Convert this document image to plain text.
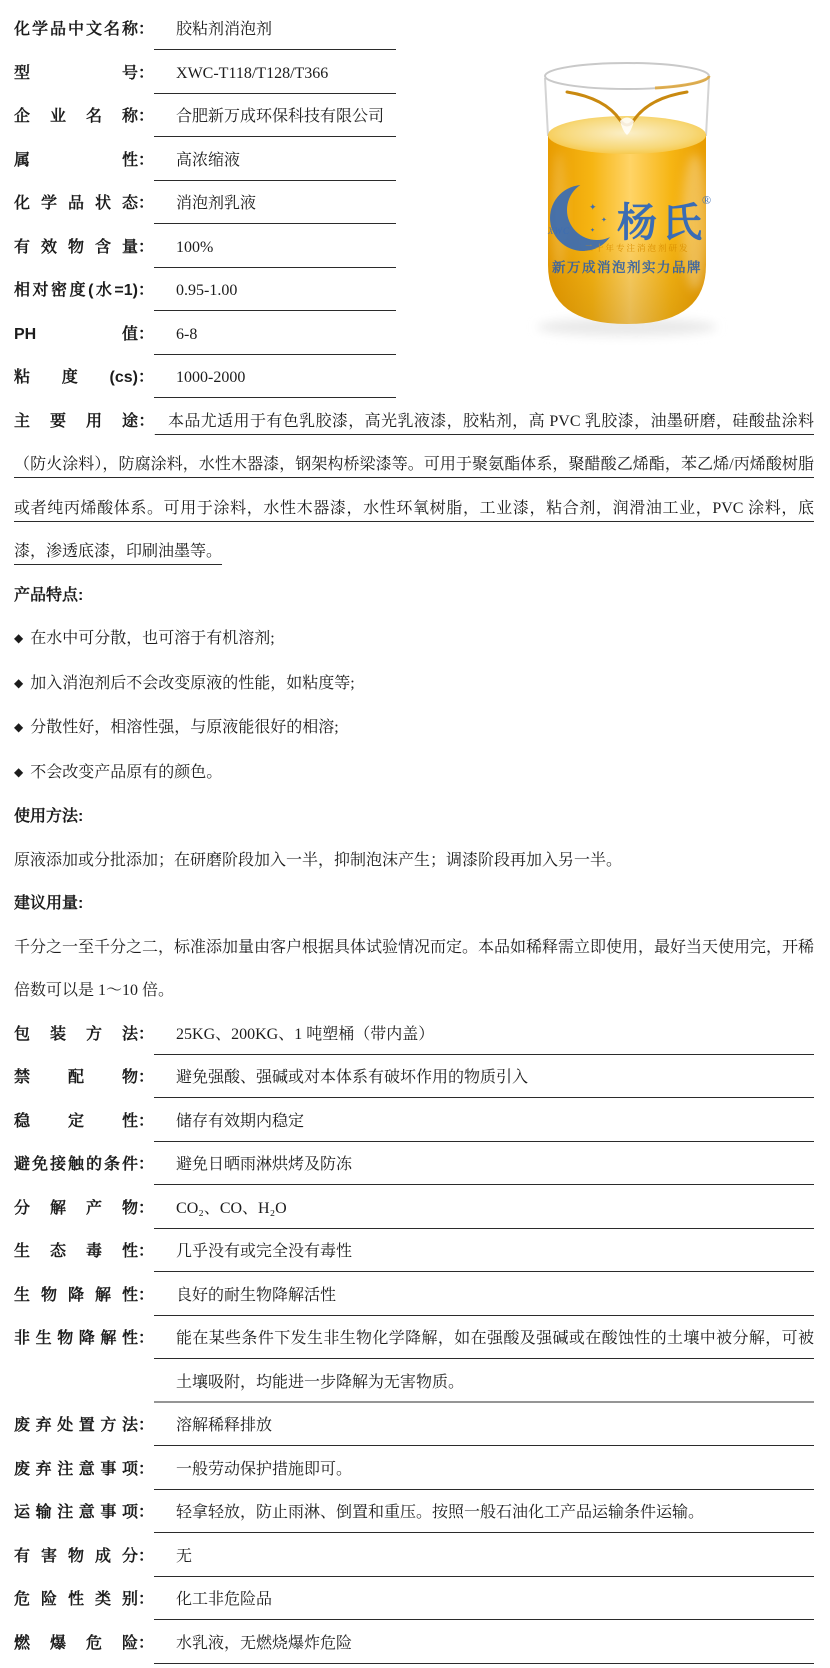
化学品中文名称 ：	胶粘剂消泡剂
型号 ：	XWC-T118/T128/T366
企业名称 ：	合肥新万成环保科技有限公司
属性 ：	高浓缩液
化学品状态 ：	消泡剂乳液
有效物含量 ：	100%
相对密度(水=1) ：	0.95-1.00
PH值 ：	6-8
粘度(cs) ：	1000-2000
主要用途： 本品尤适用于有色乳胶漆，高光乳液漆，胶粘剂，高 PVC 乳胶漆，油墨研磨，硅酸盐涂料（防火涂料），防腐涂料，水性木器漆，钢架构桥梁漆等。可用于聚氨酯体系，聚醋酸乙烯酯，苯乙烯/丙烯酸树脂或者纯丙烯酸体系。可用于涂料，水性木器漆，水性环氧树脂，工业漆，粘合剂，润滑油工业，PVC 涂料，底漆，渗透底漆，印刷油墨等。
产品特点:
◆ 在水中可分散，也可溶于有机溶剂;
◆ 加入消泡剂后不会改变原液的性能，如粘度等;
◆ 分散性好，相溶性强，与原液能很好的相溶;
◆ 不会改变产品原有的颜色。
使用方法:
原液添加或分批添加；在研磨阶段加入一半，抑制泡沫产生；调漆阶段再加入另一半。
建议用量:
千分之一至千分之二，标准添加量由客户根据具体试验情况而定。本品如稀释需立即使用，最好当天使用完，开稀倍数可以是 1～10 倍。
包装方法 ：	25KG、200KG、1 吨塑桶（带内盖）
禁配物 ：	避免强酸、强碱或对本体系有破坏作用的物质引入
稳定性 ：	储存有效期内稳定
避免接触的条件 ：	避免日晒雨淋烘烤及防冻
分解产物 ：	CO₂、CO、H₂O
生态毒性 ：	几乎没有或完全没有毒性
生物降解性 ：	良好的耐生物降解活性
非生物降解性 ：	能在某些条件下发生非生物化学降解，如在强酸及强碱或在酸蚀性的土壤中被分解，可被土壤吸附，均能进一步降解为无害物质。
废弃处置方法 ：	溶解稀释排放
废弃注意事项 ：	一般劳动保护措施即可。
运输注意事项 ：	轻拿轻放，防止雨淋、倒置和重压。按照一般石油化工产品运输条件运输。
有害物成分 ：	无
危险性类别 ：	化工非危险品
燃爆危险 ：	水乳液，无燃烧爆炸危险
✦
✦
✦
XWC 杨氏
®
二十年专注消泡剂研发
新万成消泡剂实力品牌
